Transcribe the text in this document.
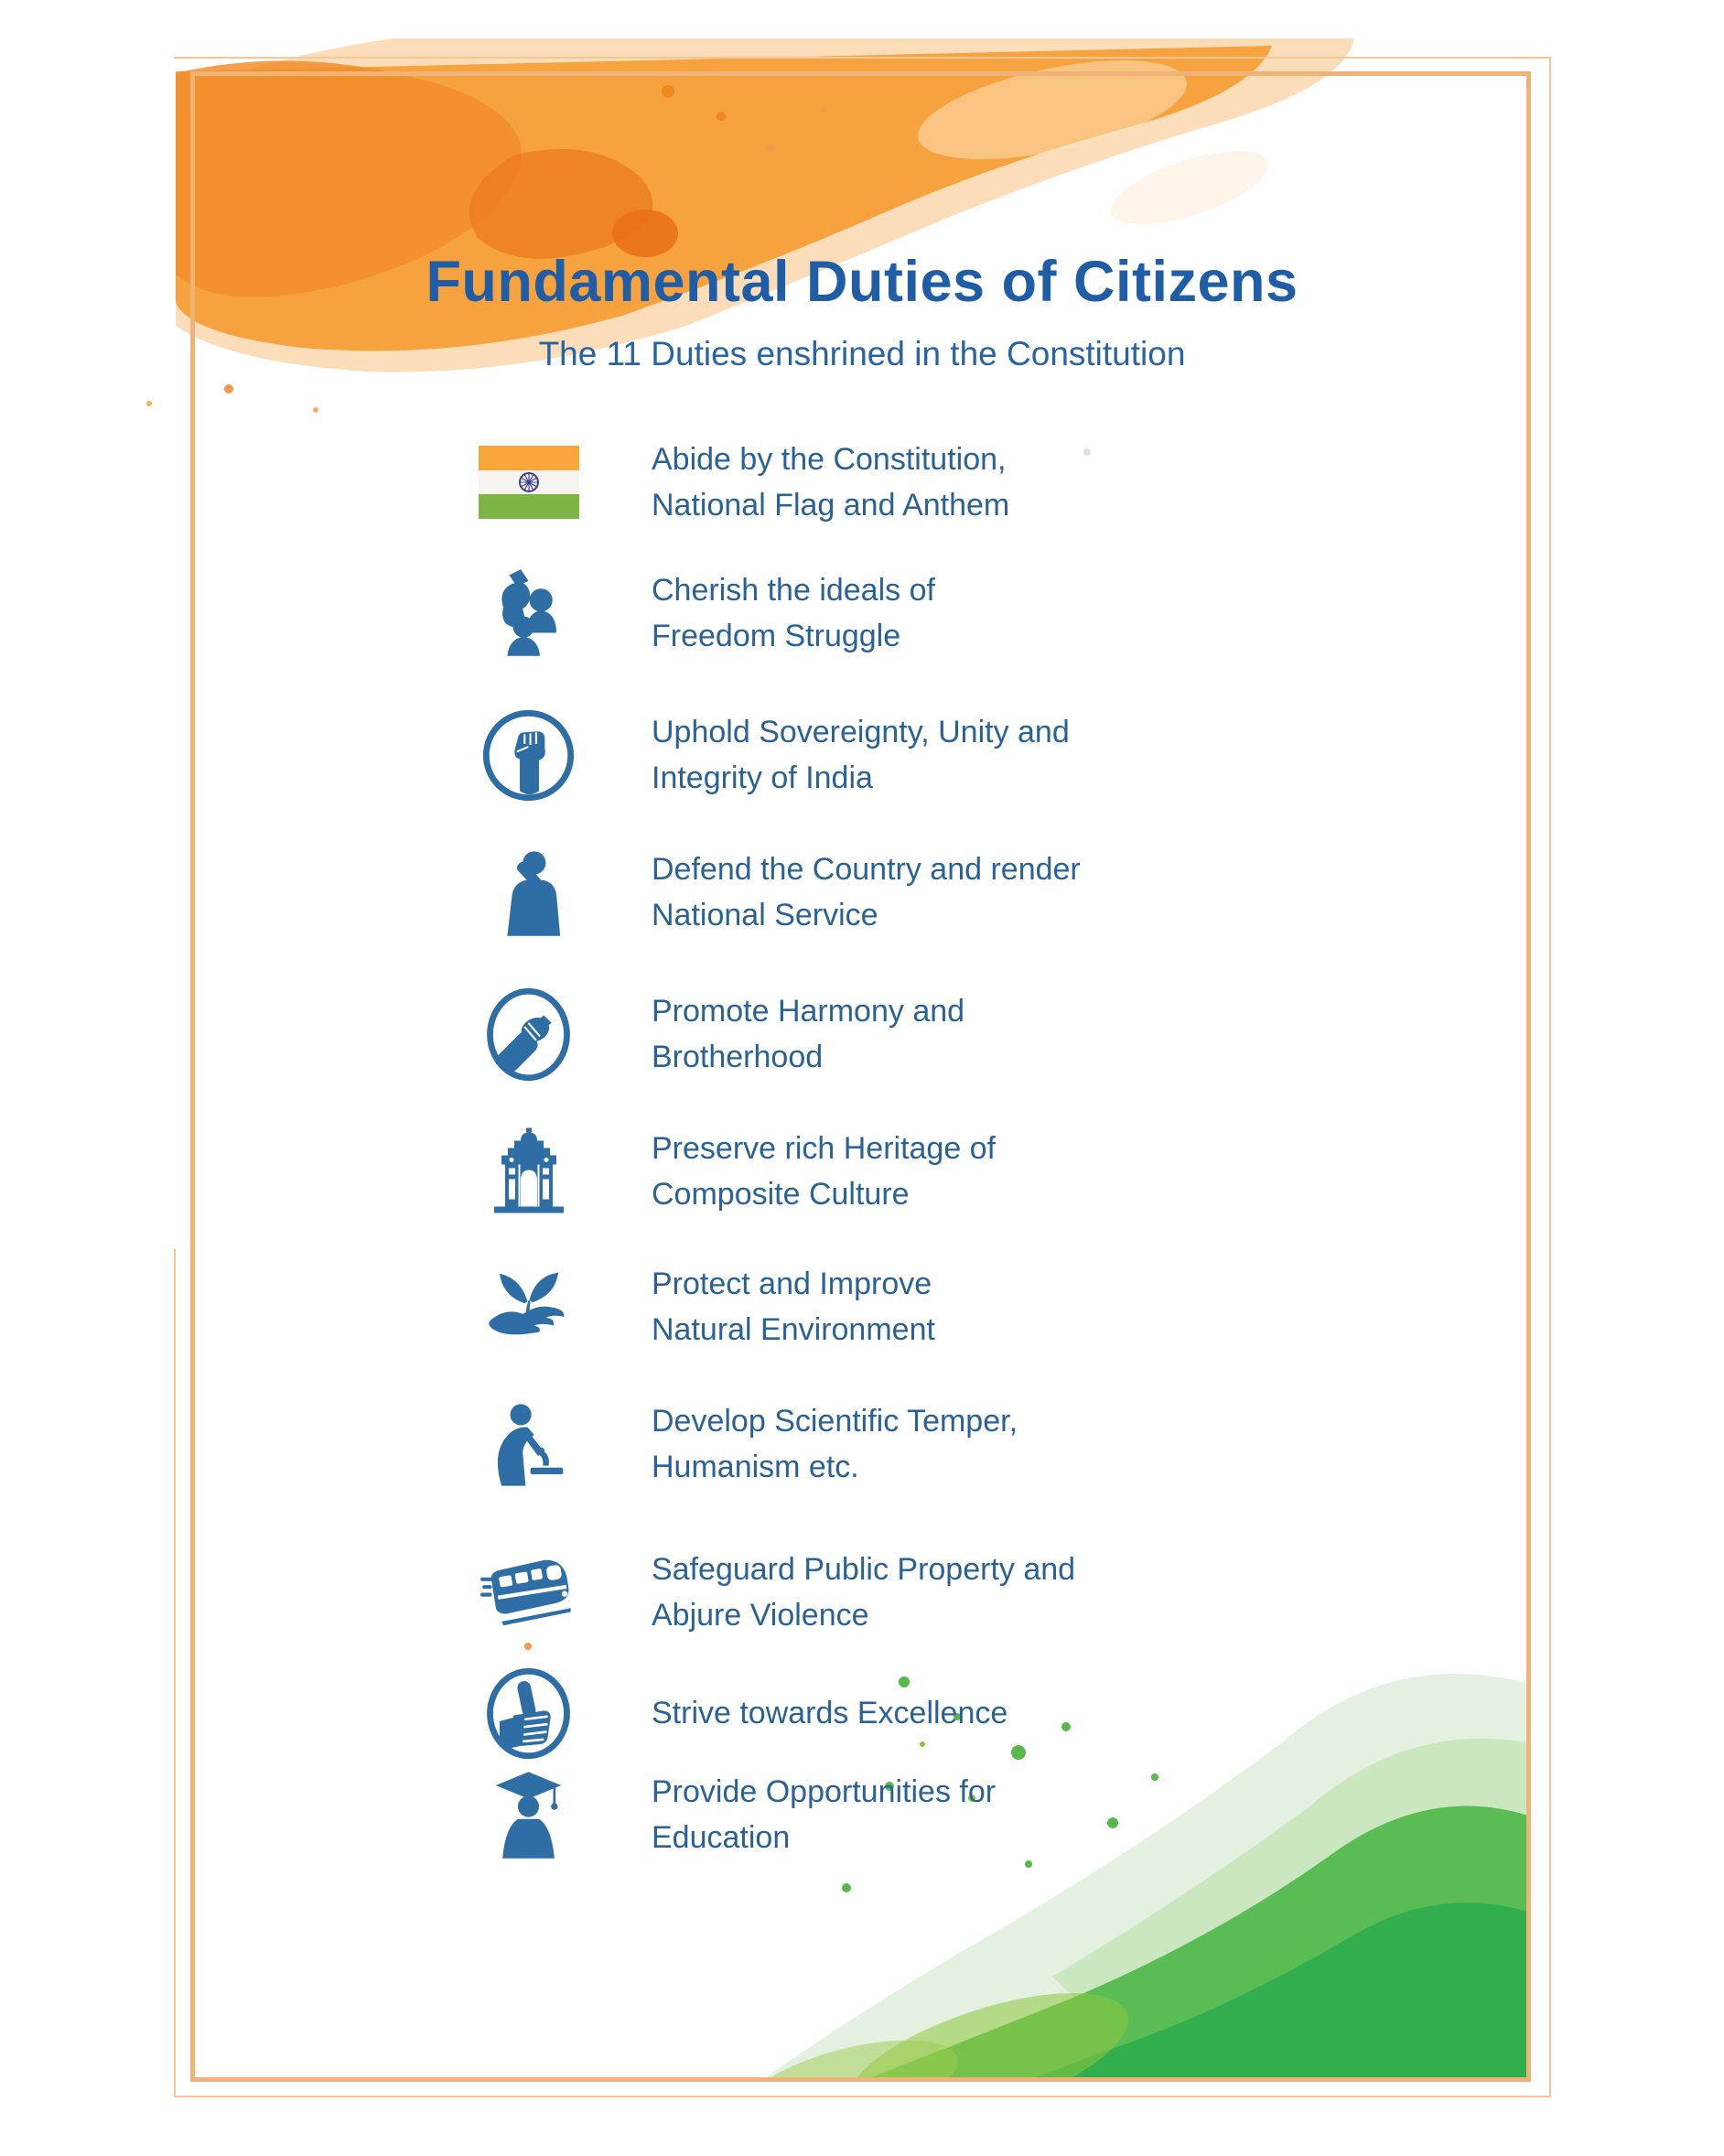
Fundamental Duties of Citizens
The 11 Duties enshrined in the Constitution
Abide by the Constitution,
National Flag and Anthem
Cherish the ideals of
Freedom Struggle
Uphold Sovereignty, Unity and
Integrity of India
Defend the Country and render
National Service
Promote Harmony and
Brotherhood
Preserve rich Heritage of
Composite Culture
Protect and Improve
Natural Environment
Develop Scientific Temper,
Humanism etc.
Safeguard Public Property and
Abjure Violence
Strive towards Excellence
Provide Opportunities for
Education
